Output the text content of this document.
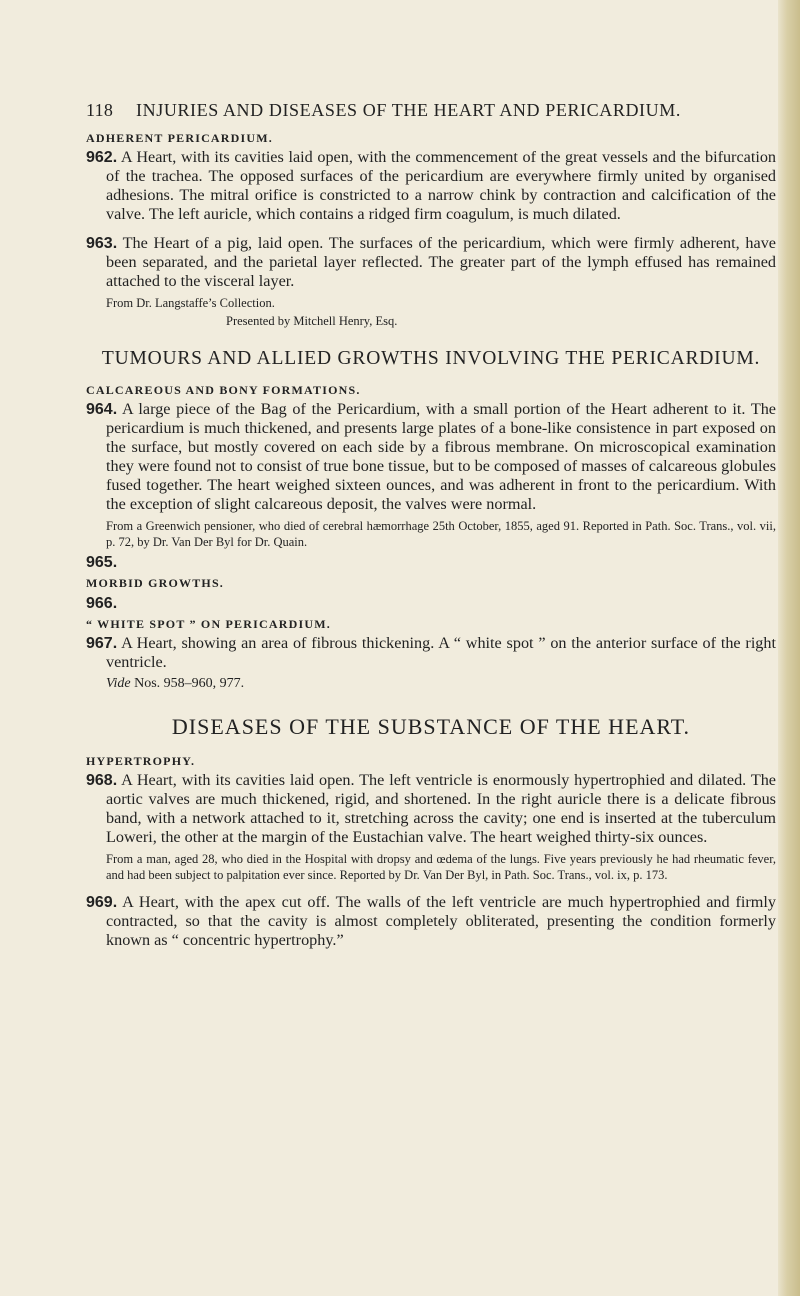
118 INJURIES AND DISEASES OF THE HEART AND PERICARDIUM.
ADHERENT PERICARDIUM.

962. A Heart, with its cavities laid open, with the commencement of the great vessels and the bifurcation of the trachea. The opposed surfaces of the pericardium are everywhere firmly united by organised adhesions. The mitral orifice is constricted to a narrow chink by contraction and calcification of the valve. The left auricle, which contains a ridged firm coagulum, is much dilated.

963. The Heart of a pig, laid open. The surfaces of the pericardium, which were firmly adherent, have been separated, and the parietal layer reflected. The greater part of the lymph effused has remained attached to the visceral layer.

From Dr. Langstaffe’s Collection.
Presented by Mitchell Henry, Esq.
TUMOURS AND ALLIED GROWTHS INVOLVING THE PERICARDIUM.
CALCAREOUS AND BONY FORMATIONS.

964. A large piece of the Bag of the Pericardium, with a small portion of the Heart adherent to it. The pericardium is much thickened, and presents large plates of a bone-like consistence in part exposed on the surface, but mostly covered on each side by a fibrous membrane. On microscopical examination they were found not to consist of true bone tissue, but to be composed of masses of calcareous globules fused together. The heart weighed sixteen ounces, and was adherent in front to the pericardium. With the exception of slight calcareous deposit, the valves were normal.

From a Greenwich pensioner, who died of cerebral hæmorrhage 25th October, 1855, aged 91. Reported in Path. Soc. Trans., vol. vii, p. 72, by Dr. Van Der Byl for Dr. Quain.
965.
MORBID GROWTHS.
966.
“ WHITE SPOT ” ON PERICARDIUM.

967. A Heart, showing an area of fibrous thickening. A “ white spot ” on the anterior surface of the right ventricle.

Vide Nos. 958–960, 977.
DISEASES OF THE SUBSTANCE OF THE HEART.
HYPERTROPHY.

968. A Heart, with its cavities laid open. The left ventricle is enormously hypertrophied and dilated. The aortic valves are much thickened, rigid, and shortened. In the right auricle there is a delicate fibrous band, with a network attached to it, stretching across the cavity; one end is inserted at the tuberculum Loweri, the other at the margin of the Eustachian valve. The heart weighed thirty-six ounces.

From a man, aged 28, who died in the Hospital with dropsy and œdema of the lungs. Five years previously he had rheumatic fever, and had been subject to palpitation ever since. Reported by Dr. Van Der Byl, in Path. Soc. Trans., vol. ix, p. 173.

969. A Heart, with the apex cut off. The walls of the left ventricle are much hypertrophied and firmly contracted, so that the cavity is almost completely obliterated, presenting the condition formerly known as “ concentric hypertrophy.”
